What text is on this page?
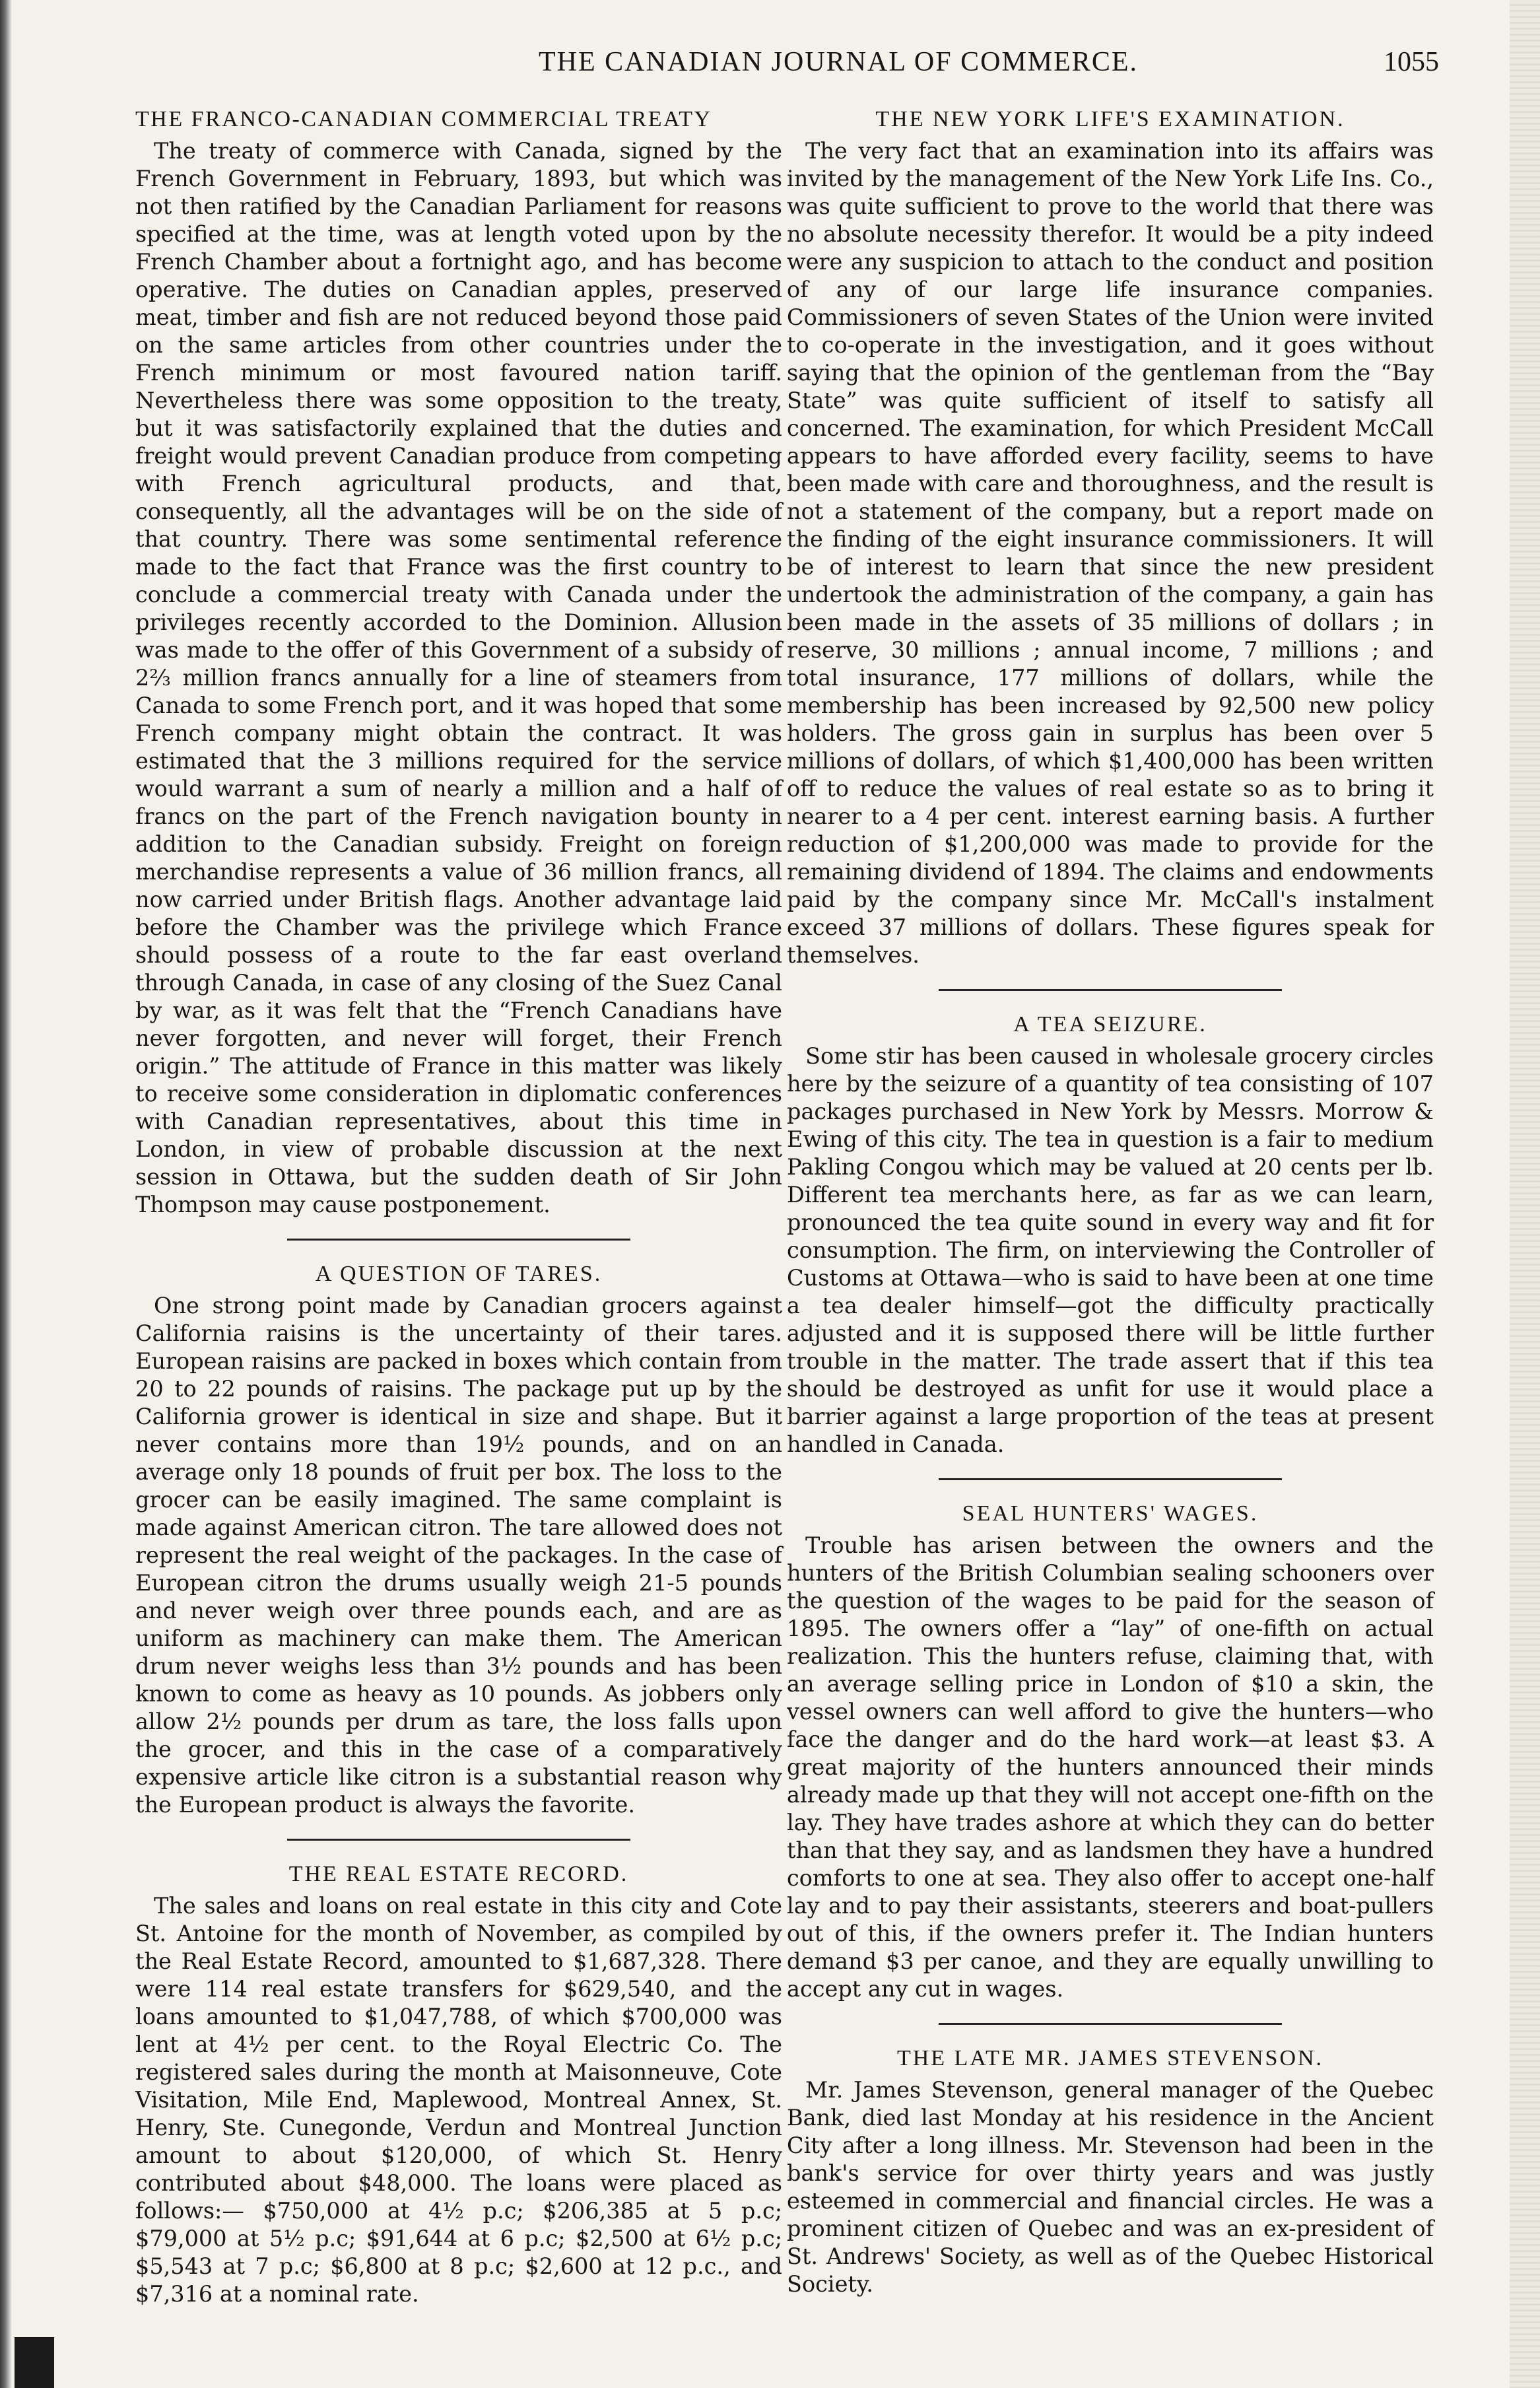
THE CANADIAN JOURNAL OF COMMERCE.	1055
THE FRANCO-CANADIAN COMMERCIAL TREATY

The treaty of commerce with Canada, signed by the French Government in February, 1893, but which was not then ratified by the Canadian Parliament for reasons specified at the time, was at length voted upon by the French Chamber about a fortnight ago, and has become operative. The duties on Canadian apples, preserved meat, timber and fish are not reduced beyond those paid on the same articles from other countries under the French minimum or most favoured nation tariff. Nevertheless there was some opposition to the treaty, but it was satisfactorily explained that the duties and freight would prevent Canadian produce from competing with French agricultural products, and that, consequently, all the advantages will be on the side of that country. There was some sentimental reference made to the fact that France was the first country to conclude a commercial treaty with Canada under the privileges recently accorded to the Dominion. Allusion was made to the offer of this Government of a subsidy of 2⅔ million francs annually for a line of steamers from Canada to some French port, and it was hoped that some French company might obtain the contract. It was estimated that the 3 millions required for the service would warrant a sum of nearly a million and a half of francs on the part of the French navigation bounty in addition to the Canadian subsidy. Freight on foreign merchandise represents a value of 36 million francs, all now carried under British flags. Another advantage laid before the Chamber was the privilege which France should possess of a route to the far east overland through Canada, in case of any closing of the Suez Canal by war, as it was felt that the “French Canadians have never forgotten, and never will forget, their French origin.” The attitude of France in this matter was likely to receive some consideration in diplomatic conferences with Canadian representatives, about this time in London, in view of probable discussion at the next session in Ottawa, but the sudden death of Sir John Thompson may cause postponement.

A QUESTION OF TARES.

One strong point made by Canadian grocers against California raisins is the uncertainty of their tares. European raisins are packed in boxes which contain from 20 to 22 pounds of raisins. The package put up by the California grower is identical in size and shape. But it never contains more than 19½ pounds, and on an average only 18 pounds of fruit per box. The loss to the grocer can be easily imagined. The same complaint is made against American citron. The tare allowed does not represent the real weight of the packages. In the case of European citron the drums usually weigh 21-5 pounds and never weigh over three pounds each, and are as uniform as machinery can make them. The American drum never weighs less than 3½ pounds and has been known to come as heavy as 10 pounds. As jobbers only allow 2½ pounds per drum as tare, the loss falls upon the grocer, and this in the case of a comparatively expensive article like citron is a substantial reason why the European product is always the favorite.

THE REAL ESTATE RECORD.

The sales and loans on real estate in this city and Cote St. Antoine for the month of November, as compiled by the Real Estate Record, amounted to $1,687,328. There were 114 real estate transfers for $629,540, and the loans amounted to $1,047,788, of which $700,000 was lent at 4½ per cent. to the Royal Electric Co. The registered sales during the month at Maisonneuve, Cote Visitation, Mile End, Maplewood, Montreal Annex, St. Henry, Ste. Cunegonde, Verdun and Montreal Junction amount to about $120,000, of which St. Henry contributed about $48,000. The loans were placed as follows:— $750,000 at 4½ p.c; $206,385 at 5 p.c; $79,000 at 5½ p.c; $91,644 at 6 p.c; $2,500 at 6½ p.c; $5,543 at 7 p.c; $6,800 at 8 p.c; $2,600 at 12 p.c., and $7,316 at a nominal rate.

THE NEW YORK LIFE'S EXAMINATION.

The very fact that an examination into its affairs was invited by the management of the New York Life Ins. Co., was quite sufficient to prove to the world that there was no absolute necessity therefor. It would be a pity indeed were any suspicion to attach to the conduct and position of any of our large life insurance companies. Commissioners of seven States of the Union were invited to co-operate in the investigation, and it goes without saying that the opinion of the gentleman from the “Bay State” was quite sufficient of itself to satisfy all concerned. The examination, for which President McCall appears to have afforded every facility, seems to have been made with care and thoroughness, and the result is not a statement of the company, but a report made on the finding of the eight insurance commissioners. It will be of interest to learn that since the new president undertook the administration of the company, a gain has been made in the assets of 35 millions of dollars ; in reserve, 30 millions ; annual income, 7 millions ; and total insurance, 177 millions of dollars, while the membership has been increased by 92,500 new policy holders. The gross gain in surplus has been over 5 millions of dollars, of which $1,400,000 has been written off to reduce the values of real estate so as to bring it nearer to a 4 per cent. interest earning basis. A further reduction of $1,200,000 was made to provide for the remaining dividend of 1894. The claims and endowments paid by the company since Mr. McCall's instalment exceed 37 millions of dollars. These figures speak for themselves.

A TEA SEIZURE.

Some stir has been caused in wholesale grocery circles here by the seizure of a quantity of tea consisting of 107 packages purchased in New York by Messrs. Morrow & Ewing of this city. The tea in question is a fair to medium Pakling Congou which may be valued at 20 cents per lb. Different tea merchants here, as far as we can learn, pronounced the tea quite sound in every way and fit for consumption. The firm, on interviewing the Controller of Customs at Ottawa—who is said to have been at one time a tea dealer himself—got the difficulty practically adjusted and it is supposed there will be little further trouble in the matter. The trade assert that if this tea should be destroyed as unfit for use it would place a barrier against a large proportion of the teas at present handled in Canada.

SEAL HUNTERS' WAGES.

Trouble has arisen between the owners and the hunters of the British Columbian sealing schooners over the question of the wages to be paid for the season of 1895. The owners offer a “lay” of one-fifth on actual realization. This the hunters refuse, claiming that, with an average selling price in London of $10 a skin, the vessel owners can well afford to give the hunters—who face the danger and do the hard work—at least $3. A great majority of the hunters announced their minds already made up that they will not accept one-fifth on the lay. They have trades ashore at which they can do better than that they say, and as landsmen they have a hundred comforts to one at sea. They also offer to accept one-half lay and to pay their assistants, steerers and boat-pullers out of this, if the owners prefer it. The Indian hunters demand $3 per canoe, and they are equally unwilling to accept any cut in wages.

THE LATE MR. JAMES STEVENSON.

Mr. James Stevenson, general manager of the Quebec Bank, died last Monday at his residence in the Ancient City after a long illness. Mr. Stevenson had been in the bank's service for over thirty years and was justly esteemed in commercial and financial circles. He was a prominent citizen of Quebec and was an ex-president of St. Andrews' Society, as well as of the Quebec Historical Society.
